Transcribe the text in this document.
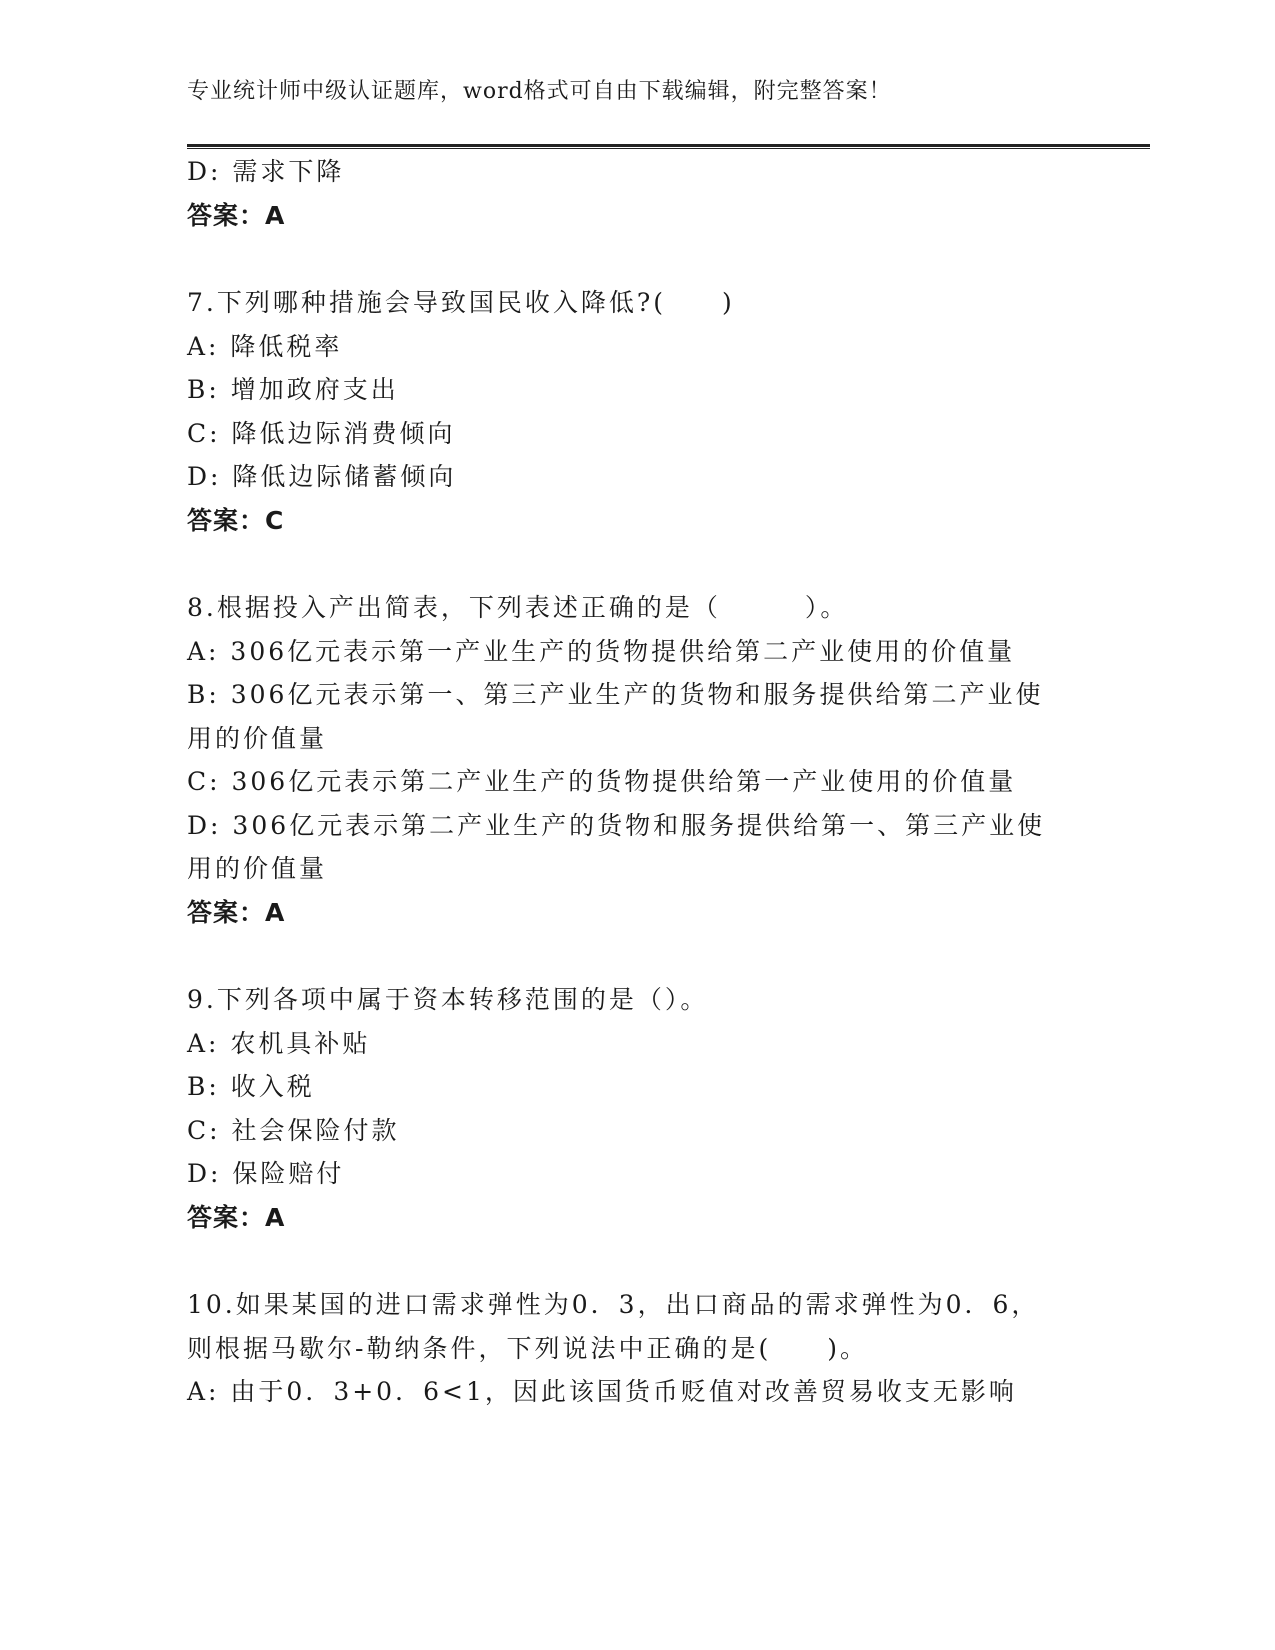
专业统计师中级认证题库，word格式可自由下载编辑，附完整答案！
D: 需求下降
答案：A
7.下列哪种措施会导致国民收入降低?(　　)
A: 降低税率
B: 增加政府支出
C: 降低边际消费倾向
D: 降低边际储蓄倾向
答案：C
8.根据投入产出简表，下列表述正确的是（　　　）。
A: 306亿元表示第一产业生产的货物提供给第二产业使用的价值量
B: 306亿元表示第一、第三产业生产的货物和服务提供给第二产业使
用的价值量
C: 306亿元表示第二产业生产的货物提供给第一产业使用的价值量
D: 306亿元表示第二产业生产的货物和服务提供给第一、第三产业使
用的价值量
答案：A
9.下列各项中属于资本转移范围的是（）。
A: 农机具补贴
B: 收入税
C: 社会保险付款
D: 保险赔付
答案：A
10.如果某国的进口需求弹性为0．3，出口商品的需求弹性为0．6，
则根据马歇尔-勒纳条件，下列说法中正确的是(　　)。
A: 由于0．3+0．6<1，因此该国货币贬值对改善贸易收支无影响
